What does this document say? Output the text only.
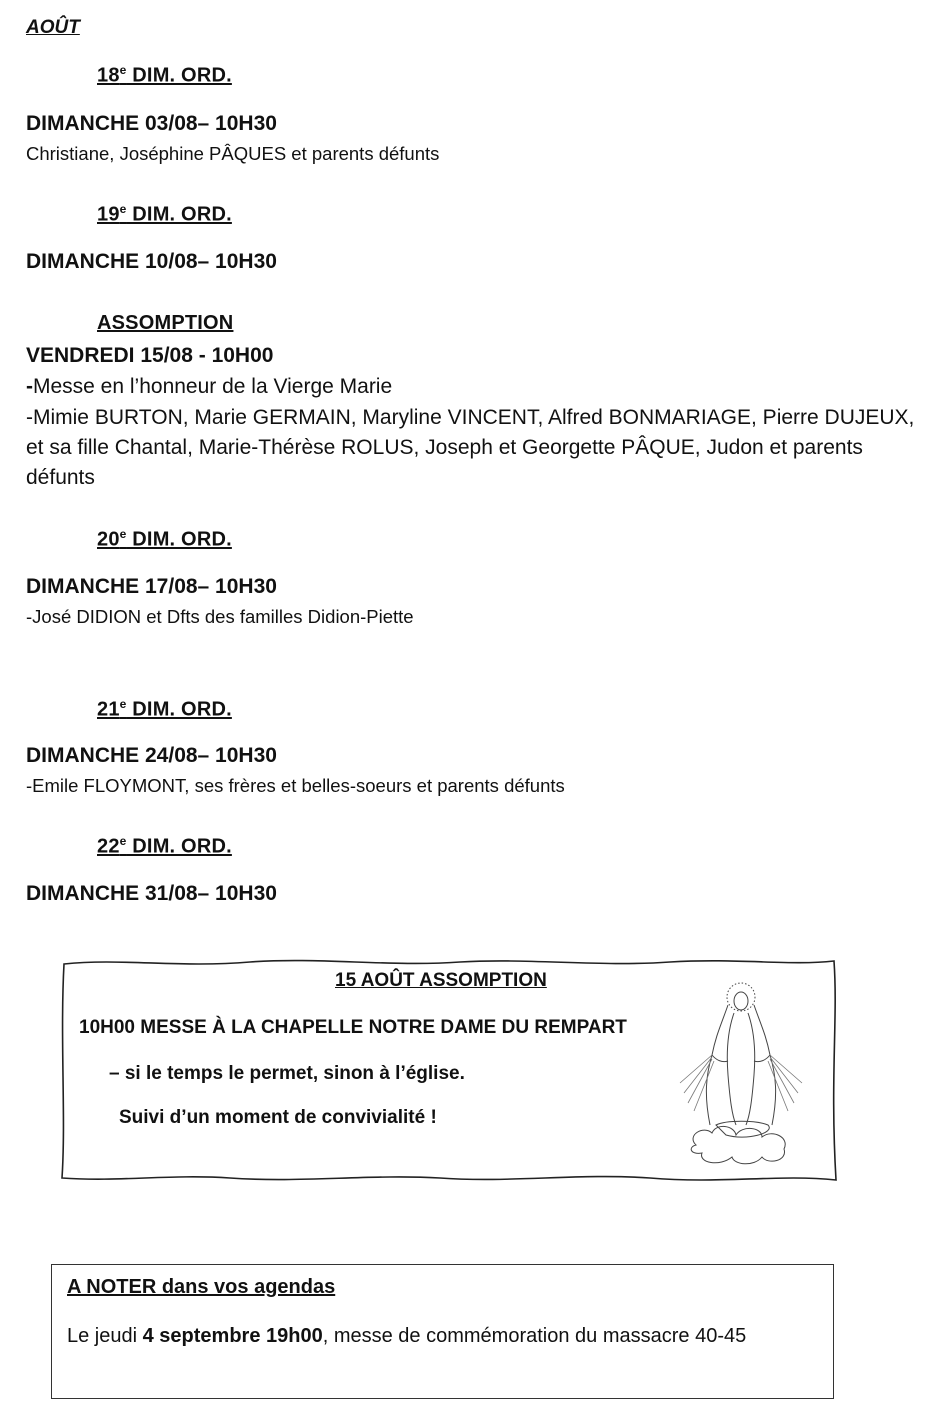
AOÛT
18e DIM. ORD.
DIMANCHE 03/08– 10H30
Christiane, Joséphine PÂQUES et parents défunts
19e DIM. ORD.
DIMANCHE 10/08– 10H30
ASSOMPTION
VENDREDI 15/08 - 10H00
-Messe en l’honneur de la Vierge Marie
-Mimie BURTON, Marie GERMAIN, Maryline VINCENT, Alfred BONMARIAGE, Pierre DUJEUX, et sa fille Chantal, Marie-Thérèse ROLUS, Joseph et Georgette PÂQUE, Judon et parents défunts
20e DIM. ORD.
DIMANCHE 17/08– 10H30
-José DIDION et Dfts des familles Didion-Piette
21e DIM. ORD.
DIMANCHE 24/08– 10H30
-Emile FLOYMONT, ses frères et belles-soeurs et parents défunts
22e DIM. ORD.
DIMANCHE 31/08– 10H30
15 AOÛT ASSOMPTION
10H00 MESSE À LA CHAPELLE NOTRE DAME DU REMPART
– si le temps le permet, sinon à l’église.
Suivi d’un moment de convivialité !
A NOTER dans vos agendas
Le jeudi 4 septembre 19h00, messe de commémoration du massacre 40-45
